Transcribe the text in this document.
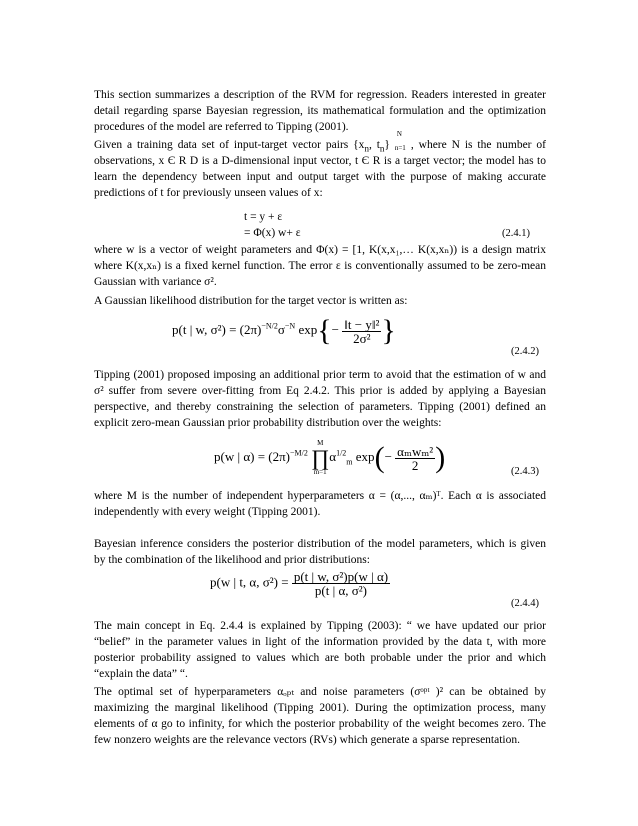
This section summarizes a description of the RVM for regression. Readers interested in greater detail regarding sparse Bayesian regression, its mathematical formulation and the optimization procedures of the model are referred to Tipping (2001).

Given a training data set of input-target vector pairs {$x_n$, $t_n$}
N
n=1 , where N is the number of observations, x Є R D is a D-dimensional input vector, t Є R is a target vector; the model has to learn the dependency between input and output target with the purpose of making accurate predictions of t for previously unseen values of x:

t = y + ε

= Φ(x) w+ ε	(2.4.1)

where w is a vector of weight parameters and Φ(x) = [1, K(x,x₁,… K(x,xₙ)) is a design matrix where K(x,xₙ) is a fixed kernel function. The error ε is conventionally assumed to be zero-mean Gaussian with variance σ².

A Gaussian likelihood distribution for the target vector is written as:

p(t | w, $\sigma^2) = (2\pi)^{-N/2}\sigma^{-N}$ $\exp\{- \frac{\text{‖t − y‖²}}{\text{2σ²}}$ }
(2.4.2)

Tipping (2001) proposed imposing an additional prior term to avoid that the estimation of w and σ² suffer from severe over-fitting from Eq 2.4.2. This prior is added by applying a Bayesian perspective, and thereby constraining the selection of parameters. Tipping (2001) defined an explicit zero-mean Gaussian prior probability distribution over the weights:

p(w | $\alpha) = (2\pi)^{-M/2}$
M
∏
m=1
$\alpha^{1/2}_m$ $\exp(- \frac{\text{αₘwₘ²}}{2}$ )	(2.4.3)

where M is the number of independent hyperparameters α = (α,..., αₘ)ᵀ. Each α is associated independently with every weight (Tipping 2001).

Bayesian inference considers the posterior distribution of the model parameters, which is given by the combination of the likelihood and prior distributions:

p(w | t, α, $\sigma^2) = \frac{\text{p(t | w, σ²)p(w | α)}}{\text{p(t | α, σ²)}}$
(2.4.4)

The main concept in Eq. 2.4.4 is explained by Tipping (2003): “ we have updated our prior “belief” in the parameter values in light of the information provided by the data t, with more posterior probability assigned to values which are both probable under the prior and which “explain the data” “.

The optimal set of hyperparameters αₒₚₜ and noise parameters (σᵒᵖᵗ )² can be obtained by maximizing the marginal likelihood (Tipping 2001). During the optimization process, many elements of α go to infinity, for which the posterior probability of the weight becomes zero. The few nonzero weights are the relevance vectors (RVs) which generate a sparse representation.
